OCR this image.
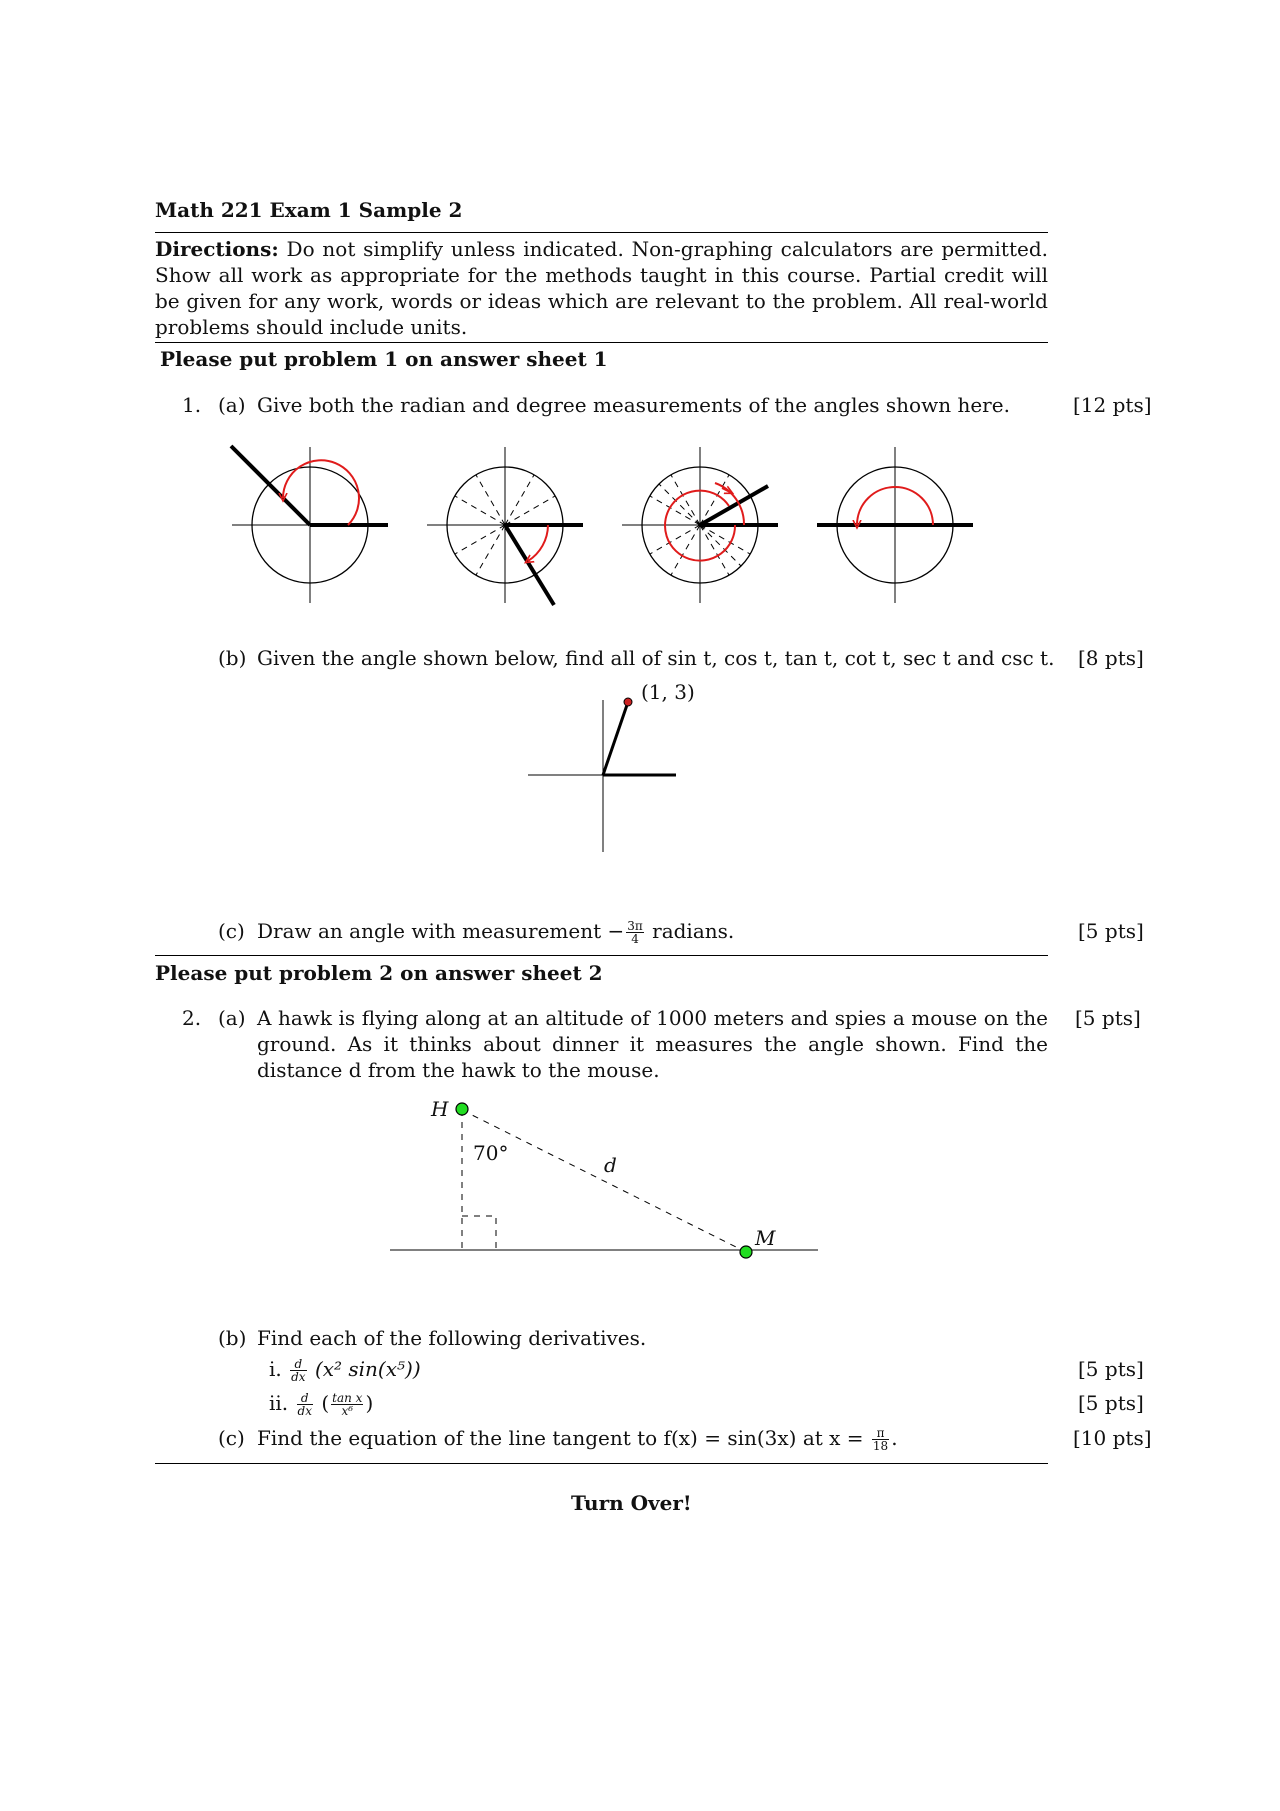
Math 221 Exam 1 Sample 2
Directions: Do not simplify unless indicated. Non-graphing calculators are permitted. Show all work as appropriate for the methods taught in this course. Partial credit will be given for any work, words or ideas which are relevant to the problem. All real-world problems should include units.
Please put problem 1 on answer sheet 1
1. (a) Give both the radian and degree measurements of the angles shown here.	[12 pts]
(b) Given the angle shown below, find all of sin t, cos t, tan t, cot t, sec t and csc t. [8 pts]
(1, 3)
(c) Draw an angle with measurement − $\frac{3\pi}{4}$ radians.	[5 pts]
Please put problem 2 on answer sheet 2
2. (a) A hawk is flying along at an altitude of 1000 meters and spies a mouse on the ground. As it thinks about dinner it measures the angle shown. Find the distance d from the hawk to the mouse.
[5 pts]
H
70°	d
M
(b) Find each of the following derivatives.
i. $\frac{d}{dx} (x^2$ sin(x⁵))	[5 pts]
ii. $\frac{d}{dx}$ ( $\frac{\text{tan x}}{\text{x⁶}}$ )	[5 pts]
(c) Find the equation of the line tangent to f(x) = sin(3x) at $x = \frac{\pi}{18}$ .	[10 pts]
Turn Over!
